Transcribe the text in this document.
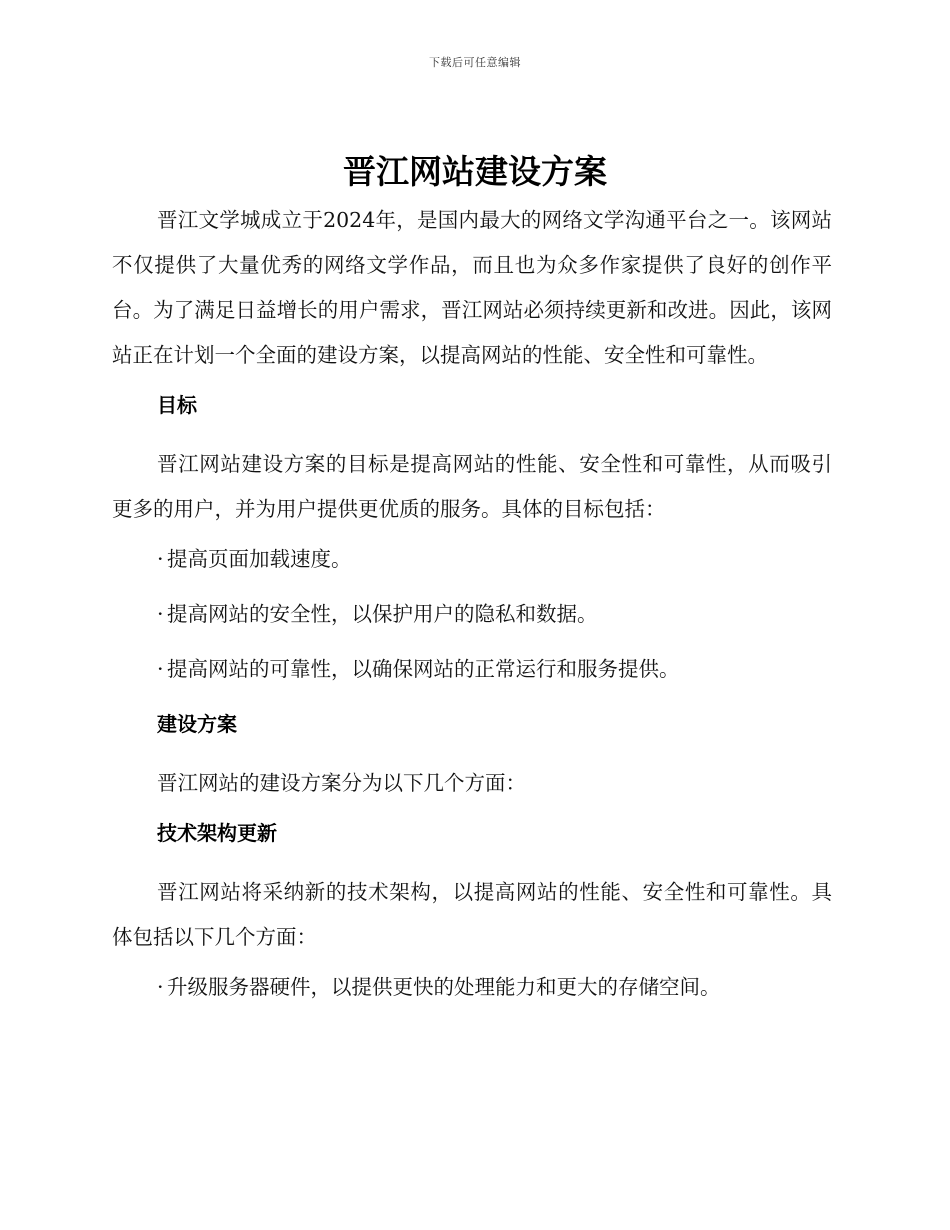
下载后可任意编辑
晋江网站建设方案

晋江文学城成立于2024年，是国内最大的网络文学沟通平台之一。该网站不仅提供了大量优秀的网络文学作品，而且也为众多作家提供了良好的创作平台。为了满足日益增长的用户需求，晋江网站必须持续更新和改进。因此，该网站正在计划一个全面的建设方案，以提高网站的性能、安全性和可靠性。

目标

晋江网站建设方案的目标是提高网站的性能、安全性和可靠性，从而吸引更多的用户，并为用户提供更优质的服务。具体的目标包括：

· 提高页面加载速度。
· 提高网站的安全性，以保护用户的隐私和数据。
· 提高网站的可靠性，以确保网站的正常运行和服务提供。
建设方案

晋江网站的建设方案分为以下几个方面：

技术架构更新

晋江网站将采纳新的技术架构，以提高网站的性能、安全性和可靠性。具体包括以下几个方面：

· 升级服务器硬件，以提供更快的处理能力和更大的存储空间。
